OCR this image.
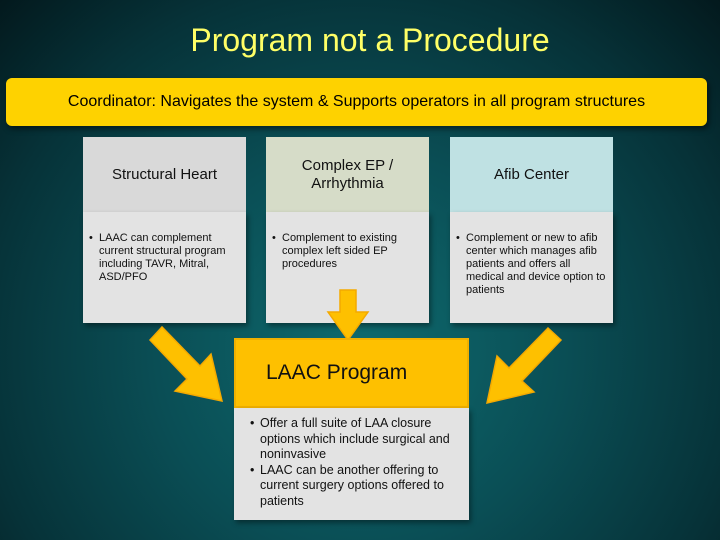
Program not a Procedure
Coordinator: Navigates the system & Supports operators in all program structures
Structural Heart
• LAAC can complement current structural program including TAVR, Mitral, ASD/PFO
Complex EP / Arrhythmia
• Complement to existing complex left sided EP procedures
Afib Center
• Complement or new to afib center which manages afib patients and offers all medical and device option to patients
LAAC Program
• Offer a full suite of LAA closure options which include surgical and noninvasive
• LAAC can be another offering to current surgery options offered to patients
